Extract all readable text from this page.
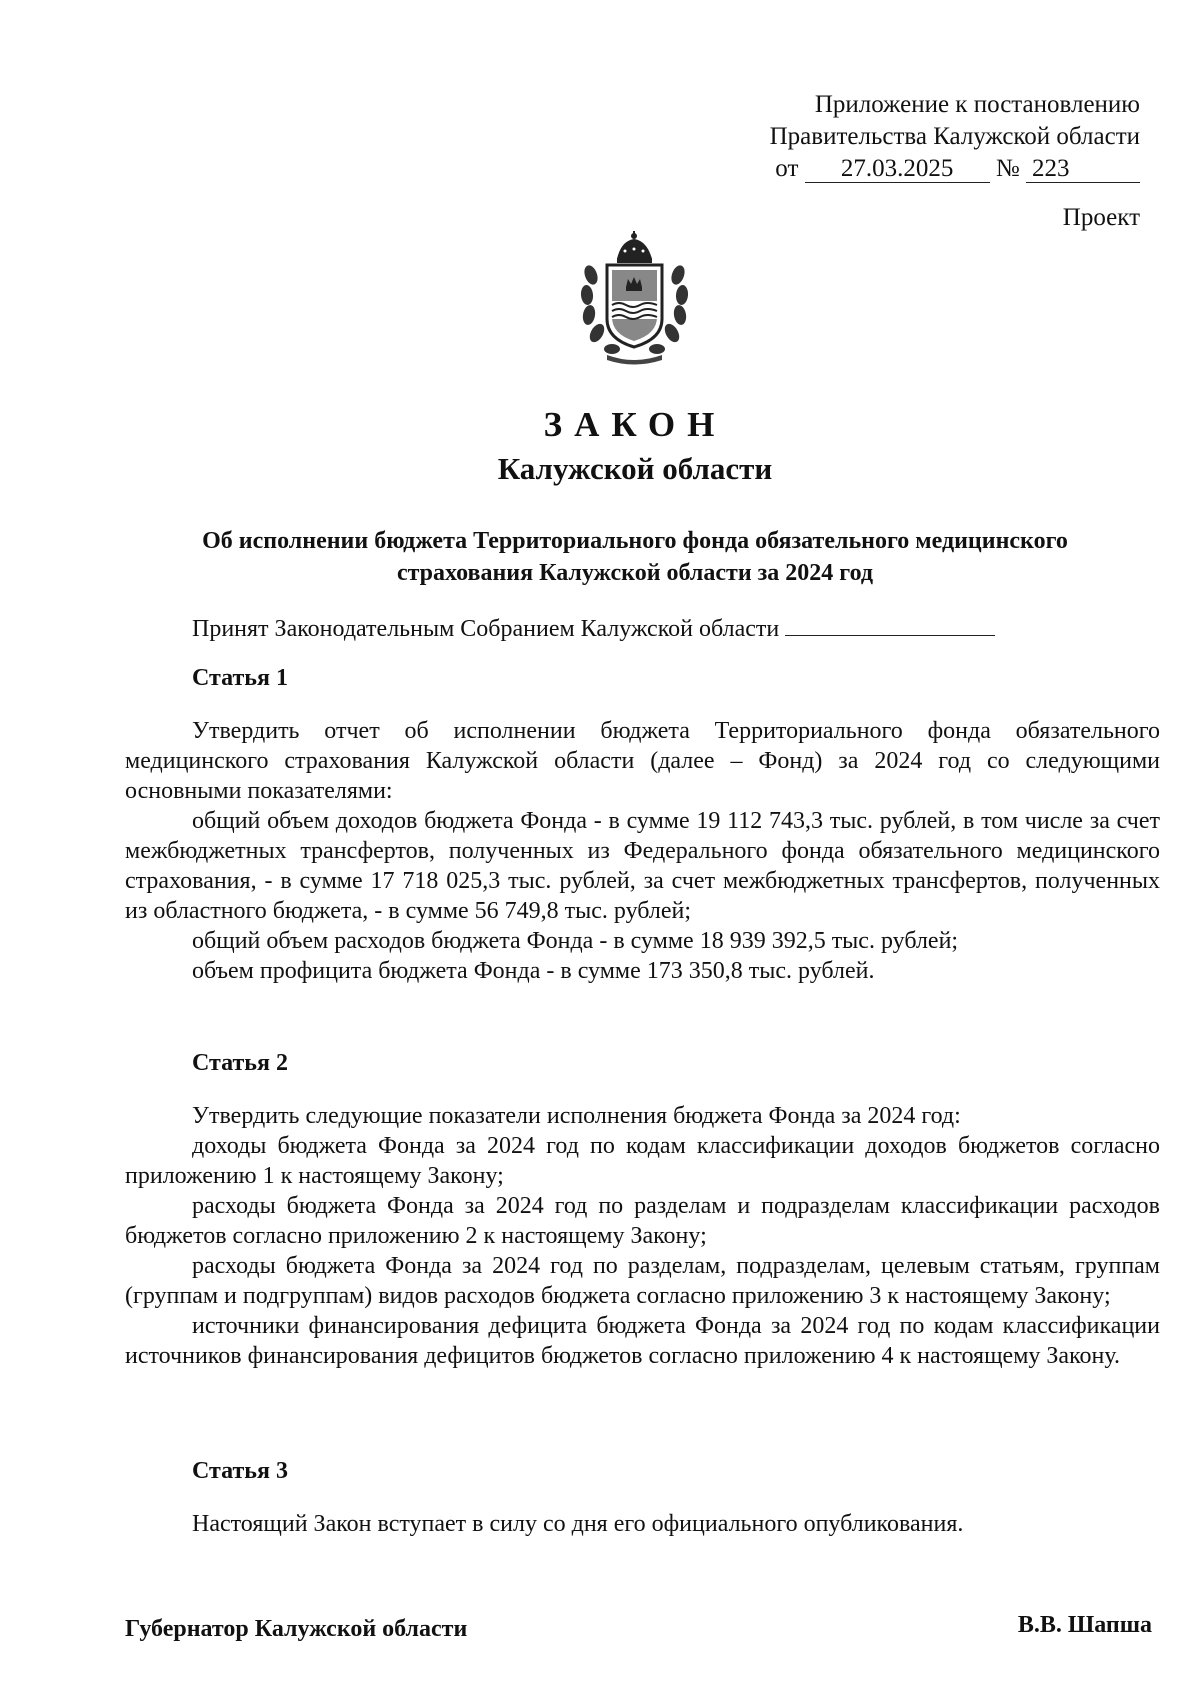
Приложение к постановлению
Правительства Калужской области
от 27.03.2025 № 223
Проект
ЗАКОН
Калужской области
Об исполнении бюджета Территориального фонда обязательного медицинского страхования Калужской области за 2024 год
Принят Законодательным Собранием Калужской области

Статья 1

Утвердить отчет об исполнении бюджета Территориального фонда обязательного медицинского страхования Калужской области (далее – Фонд) за 2024 год со следующими основными показателями:

общий объем доходов бюджета Фонда - в сумме 19 112 743,3 тыс. рублей, в том числе за счет межбюджетных трансфертов, полученных из Федерального фонда обязательного медицинского страхования, - в сумме 17 718 025,3 тыс. рублей, за счет межбюджетных трансфертов, полученных из областного бюджета, - в сумме 56 749,8 тыс. рублей;

общий объем расходов бюджета Фонда - в сумме 18 939 392,5 тыс. рублей;

объем профицита бюджета Фонда - в сумме 173 350,8 тыс. рублей.

Статья 2

Утвердить следующие показатели исполнения бюджета Фонда за 2024 год:

доходы бюджета Фонда за 2024 год по кодам классификации доходов бюджетов согласно приложению 1 к настоящему Закону;

расходы бюджета Фонда за 2024 год по разделам и подразделам классификации расходов бюджетов согласно приложению 2 к настоящему Закону;

расходы бюджета Фонда за 2024 год по разделам, подразделам, целевым статьям, группам (группам и подгруппам) видов расходов бюджета согласно приложению 3 к настоящему Закону;

источники финансирования дефицита бюджета Фонда за 2024 год по кодам классификации источников финансирования дефицитов бюджетов согласно приложению 4 к настоящему Закону.

Статья 3

Настоящий Закон вступает в силу со дня его официального опубликования.

Губернатор Калужской области	В.В. Шапша
